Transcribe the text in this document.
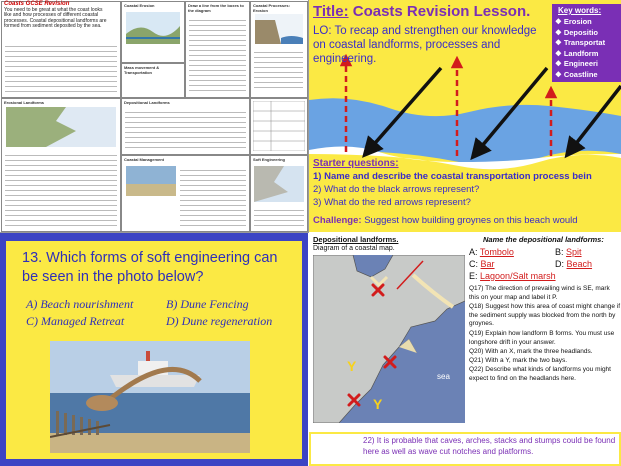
Coasts GCSE Revision
You need to be great at what the coast looks like and how processes of different coastal processes. Coastal depositional landforms are formed from sediment deposited by the sea.
Coastal Erosion	Draw a line from the boxes to the diagram
Coastal Processes: Erosion
Erosional Landforms
Mass movement & Transportation
Depositional Landforms
Coastal Management	Soft Engineering
Title: Coasts Revision Lesson.
LO: To recap and strengthen our knowledge on coastal landforms, processes and engineering.
Key words:
❖ Erosion
❖ Depositio
❖ Transportat
❖ Landform
❖ Engineeri
❖ Coastline
Starter questions:
1) Name and describe the coastal transportation process bein
2) What do the black arrows represent?
3) What do the red arrows represent?
Challenge: Suggest how building groynes on this beach would
13. Which forms of soft engineering can be seen in the photo below?
A) Beach nourishment	B) Dune Fencing
C) Managed Retreat	D) Dune regeneration
Depositional landforms.
Diagram of a coastal map.
Y
Y
sea
Name the depositional landforms:
A: Tombolo	B: Spit
C: Bar	D: Beach
E: Lagoon/Salt marsh
Q17) The direction of prevailing wind is SE, mark this on your map and label it P.
Q18) Suggest how this area of coast might change if the sediment supply was blocked from the north by groynes.
Q19) Explain how landform B forms. You must use longshore drift in your answer.
Q20) With an X, mark the three headlands.
Q21) With a Y, mark the two bays.
Q22) Describe what kinds of landforms you might expect to find on the headlands here.
22) It is probable that caves, arches, stacks and stumps could be found here as well as wave cut notches and platforms.
